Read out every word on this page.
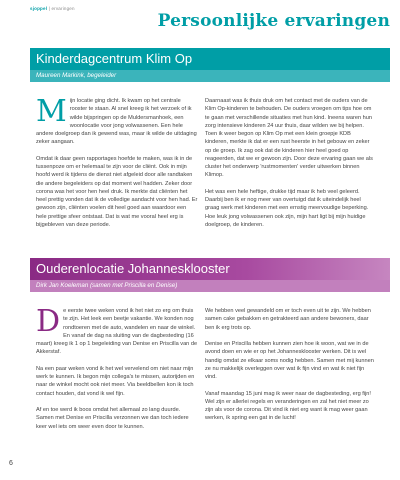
sjoppel | ervaringen
Persoonlijke ervaringen
Kinderdagcentrum Klim Op
Maureen Markink, begeleider

Mijn locatie ging dicht. Ik kwam op het centrale rooster te staan. Al snel kreeg ik het verzoek of ik wilde bijspringen op de Muldersmanhoek, een woonlocatie voor jong volwassenen. Een hele andere doelgroep dan ik gewend was, maar ik wilde de uitdaging zeker aangaan.

Omdat ik daar geen rapportages hoefde te maken, was ik in de tussenpoze om er helemaal te zijn voor de cliënt. Ook in mijn hoofd werd ik tijdens de dienst niet afgeleid door alle randtaken die andere begeleiders op dat moment wel hadden. Zeker door corona was het voor hen heel druk. Ik merkte dat cliënten het heel prettig vonden dat ik de volledige aandacht voor hen had. Er gewoon zijn, cliënten voelen dit heel goed aan waardoor een hele prettige sfeer ontstaat. Dat is wat me vooral heel erg is bijgebleven van deze periode.

Daarnaast was ik thuis druk om het contact met de ouders van de Klim Op-kinderen te behouden. De ouders vroegen om tips hoe om te gaan met verschillende situaties met hun kind. Ineens waren hun zorg intensieve kinderen 24 uur thuis, daar wilden we bij helpen. Toen ik weer begon op Klim Op met een klein groepje KDB kinderen, merkte ik dat er een rust heerste in het gebouw en zeker op de groep. Ik zag ook dat de kinderen hier heel goed op reageerden, dat we er gewoon zijn. Door deze ervaring gaan we als cluster het onderwerp 'rustmomenten' verder uitwerken binnen Klimop.

Het was een hele heftige, drukke tijd maar ik heb veel geleerd. Daarbij ben ik er nog meer van overtuigd dat ik uiteindelijk heel graag werk met kinderen met een ernstig meervoudige beperking. Hoe leuk jong volwassenen ook zijn, mijn hart ligt bij mijn huidige doelgroep, de kinderen.

Ouderenlocatie Johannesklooster
Dirk Jan Koeleman (samen met Priscilla en Denise)

De eerste twee weken vond ik het niet zo erg om thuis te zijn. Het leek een beetje vakantie. We konden nog rondtoeren met de auto, wandelen en naar de winkel. En vanaf de dag na sluiting van de dagbesteding (16 maart) kreeg ik 1 op 1 begeleiding van Denise en Priscilla van de Akkerstaf.

Na een paar weken vond ik het wel vervelend om niet naar mijn werk te kunnen. Ik begon mijn collega's te missen, autorijden en naar de winkel mocht ook niet meer. Via beeldbellen kon ik toch contact houden, dat vond ik wel fijn.

Af en toe werd ik boos omdat het allemaal zo lang duurde. Samen met Denise en Priscilla verzonnen we dan toch iedere keer wel iets om weer even door te kunnen.

We hebben veel gewandeld om er toch even uit te zijn. We hebben samen cake gebakken en getrakteerd aan andere bewoners, daar ben ik erg trots op.

Denise en Priscilla hebben kunnen zien hoe ik woon, wat we in de avond doen en wie er op het Johannesklooster werken. Dit is wel handig omdat ze elkaar soms nodig hebben. Samen met mij kunnen ze nu makkelijk overleggen over wat ik fijn vind en wat ik niet fijn vind.

Vanaf maandag 15 juni mag ik weer naar de dagbesteding, erg fijn! Wel zijn er allerlei regels en veranderingen en zal het niet meer zo zijn als voor de corona. Dit vind ik niet erg want ik mag weer gaan werken, ik spring een gat in de lucht!

6
